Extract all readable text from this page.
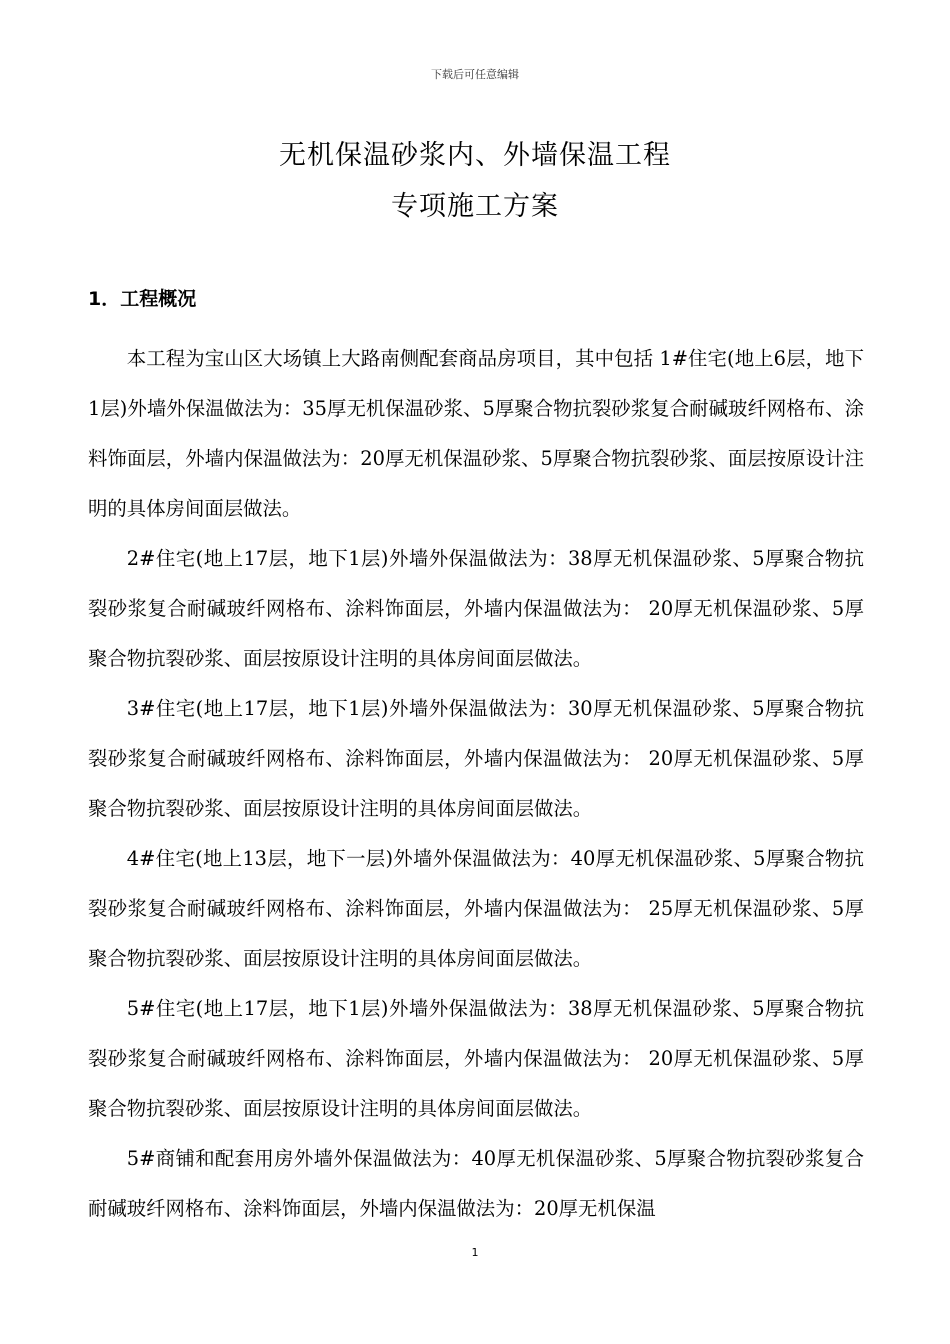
下载后可任意编辑
无机保温砂浆内、外墙保温工程
专项施工方案
1．工程概况

本工程为宝山区大场镇上大路南侧配套商品房项目，其中包括 1#住宅(地上6层，地下1层)外墙外保温做法为：35厚无机保温砂浆、5厚聚合物抗裂砂浆复合耐碱玻纤网格布、涂料饰面层，外墙内保温做法为：20厚无机保温砂浆、5厚聚合物抗裂砂浆、面层按原设计注明的具体房间面层做法。

2#住宅(地上17层，地下1层)外墙外保温做法为：38厚无机保温砂浆、5厚聚合物抗裂砂浆复合耐碱玻纤网格布、涂料饰面层，外墙内保温做法为： 20厚无机保温砂浆、5厚聚合物抗裂砂浆、面层按原设计注明的具体房间面层做法。

3#住宅(地上17层，地下1层)外墙外保温做法为：30厚无机保温砂浆、5厚聚合物抗裂砂浆复合耐碱玻纤网格布、涂料饰面层，外墙内保温做法为： 20厚无机保温砂浆、5厚聚合物抗裂砂浆、面层按原设计注明的具体房间面层做法。

4#住宅(地上13层，地下一层)外墙外保温做法为：40厚无机保温砂浆、5厚聚合物抗裂砂浆复合耐碱玻纤网格布、涂料饰面层，外墙内保温做法为： 25厚无机保温砂浆、5厚聚合物抗裂砂浆、面层按原设计注明的具体房间面层做法。

5#住宅(地上17层，地下1层)外墙外保温做法为：38厚无机保温砂浆、5厚聚合物抗裂砂浆复合耐碱玻纤网格布、涂料饰面层，外墙内保温做法为： 20厚无机保温砂浆、5厚聚合物抗裂砂浆、面层按原设计注明的具体房间面层做法。

5#商铺和配套用房外墙外保温做法为：40厚无机保温砂浆、5厚聚合物抗裂砂浆复合耐碱玻纤网格布、涂料饰面层，外墙内保温做法为：20厚无机保温

1
